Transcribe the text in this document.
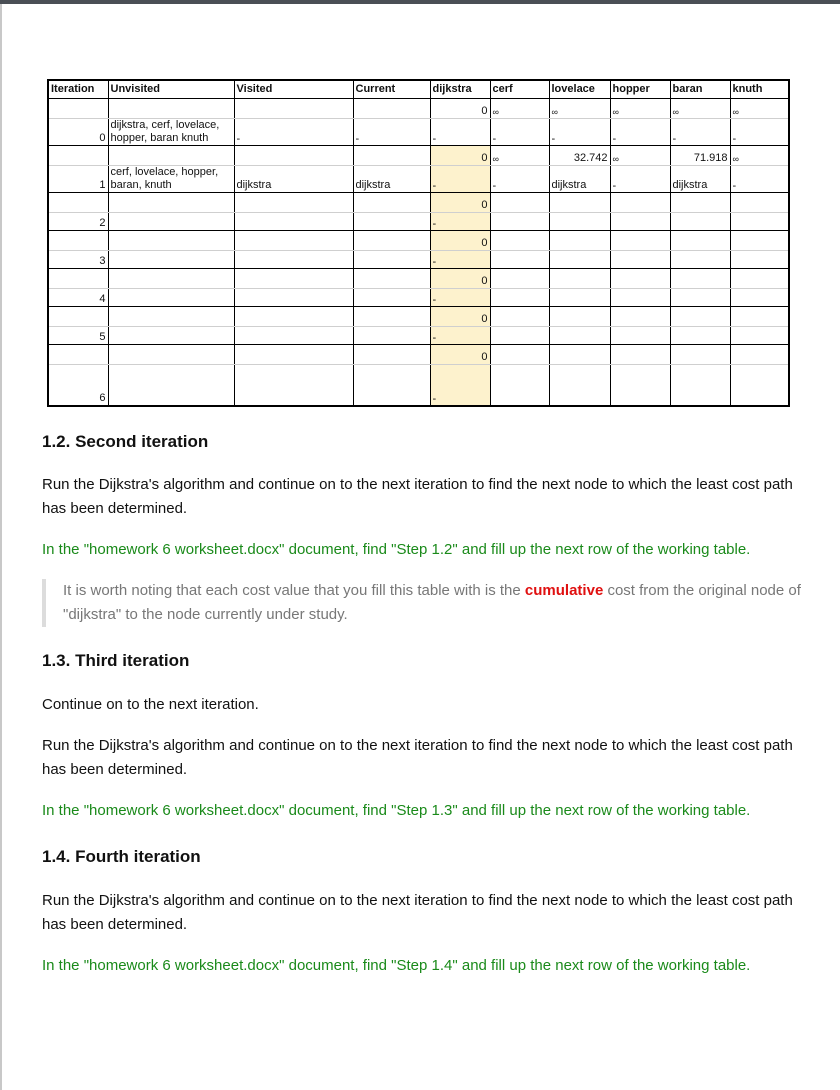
Iteration	Unvisited	Visited	Current	dijkstra	cerf	lovelace	hopper	baran	knuth
				0	∞	∞	∞	∞	∞
0	dijkstra, cerf, lovelace, hopper, baran knuth	-	-	-	-	-	-	-	-
				0	∞	32.742	∞	71.918	∞
1	cerf, lovelace, hopper, baran, knuth	dijkstra	dijkstra	-	-	dijkstra	-	dijkstra	-
				0					
2				-					
				0					
3				-					
				0					
4				-					
				0					
5				-					
				0					
6				-					
1.2. Second iteration

Run the Dijkstra's algorithm and continue on to the next iteration to find the next node to which the least cost path has been determined.

In the "homework 6 worksheet.docx" document, find "Step 1.2" and fill up the next row of the working table.

It is worth noting that each cost value that you fill this table with is the cumulative cost from the original node of "dijkstra" to the node currently under study.
1.3. Third iteration

Continue on to the next iteration.

Run the Dijkstra's algorithm and continue on to the next iteration to find the next node to which the least cost path has been determined.

In the "homework 6 worksheet.docx" document, find "Step 1.3" and fill up the next row of the working table.

1.4. Fourth iteration

Run the Dijkstra's algorithm and continue on to the next iteration to find the next node to which the least cost path has been determined.

In the "homework 6 worksheet.docx" document, find "Step 1.4" and fill up the next row of the working table.
